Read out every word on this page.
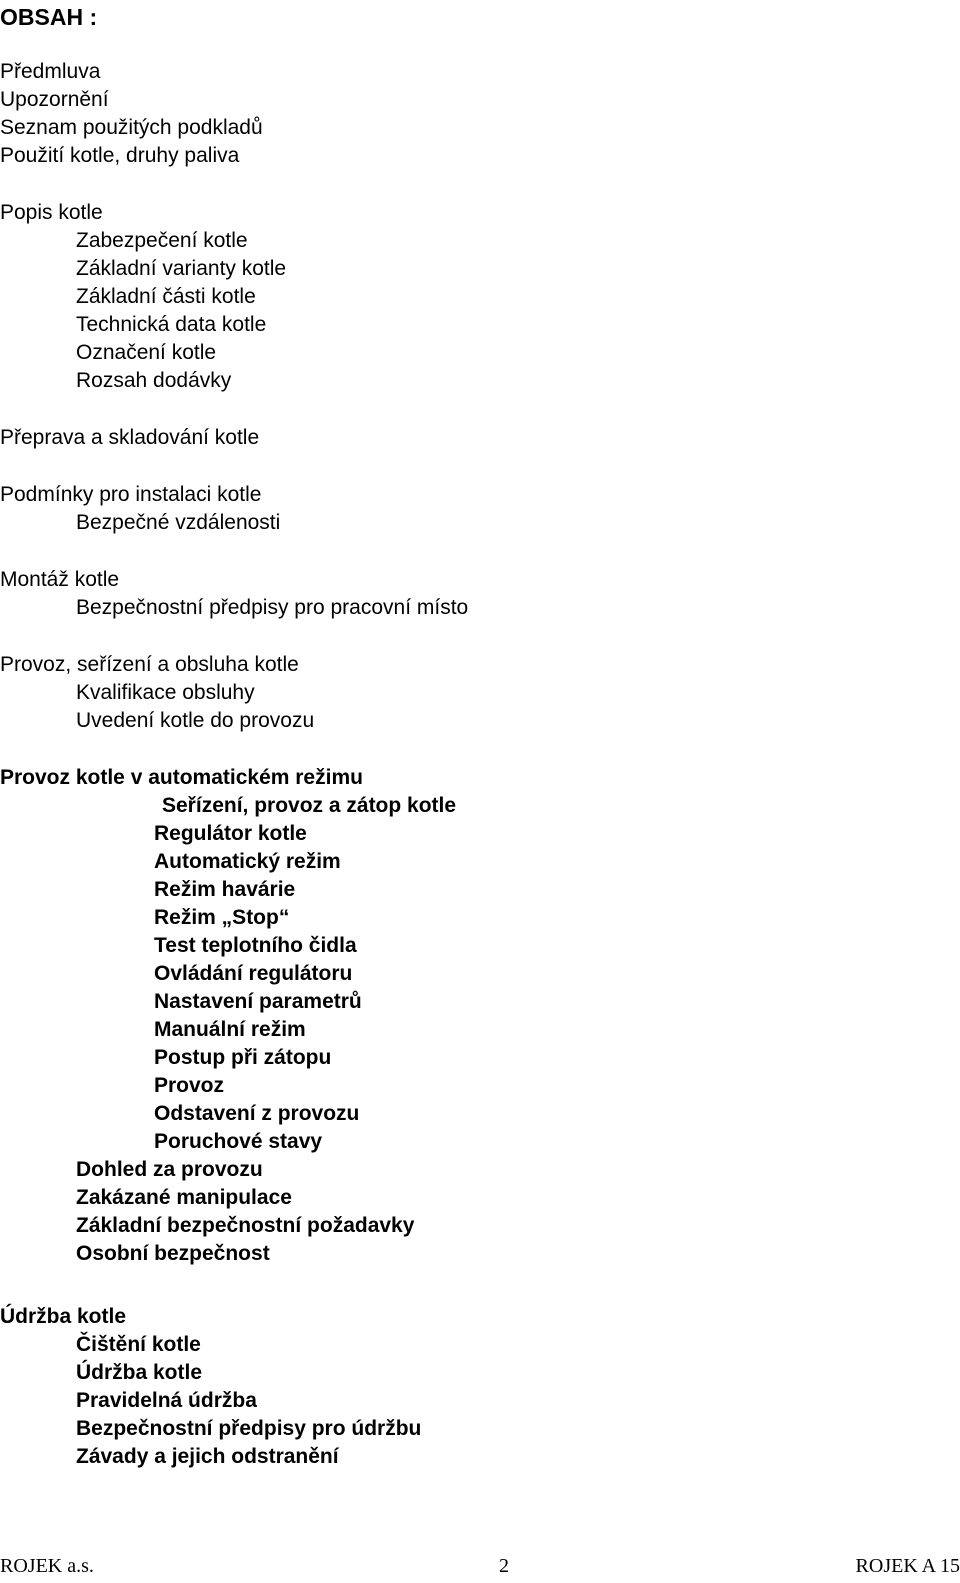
OBSAH :
Předmluva
Upozornění
Seznam použitých podkladů
Použití kotle, druhy paliva
Popis kotle
Zabezpečení kotle
Základní varianty kotle
Základní části kotle
Technická data kotle
Označení kotle
Rozsah dodávky
Přeprava a skladování kotle
Podmínky pro instalaci kotle
Bezpečné vzdálenosti
Montáž kotle
Bezpečnostní předpisy pro pracovní místo
Provoz, seřízení a obsluha kotle
Kvalifikace obsluhy
Uvedení kotle do provozu
Provoz kotle v automatickém režimu
Seřízení, provoz a zátop kotle
Regulátor kotle
Automatický režim
Režim havárie
Režim „Stop“
Test teplotního čidla
Ovládání regulátoru
Nastavení parametrů
Manuální režim
Postup při zátopu
Provoz
Odstavení z provozu
Poruchové stavy
Dohled za provozu
Zakázané manipulace
Základní bezpečnostní požadavky
Osobní bezpečnost
Údržba kotle
Čištění kotle
Údržba kotle
Pravidelná údržba
Bezpečnostní předpisy pro údržbu
Závady a jejich odstranění
ROJEK a.s.	2	ROJEK A 15
